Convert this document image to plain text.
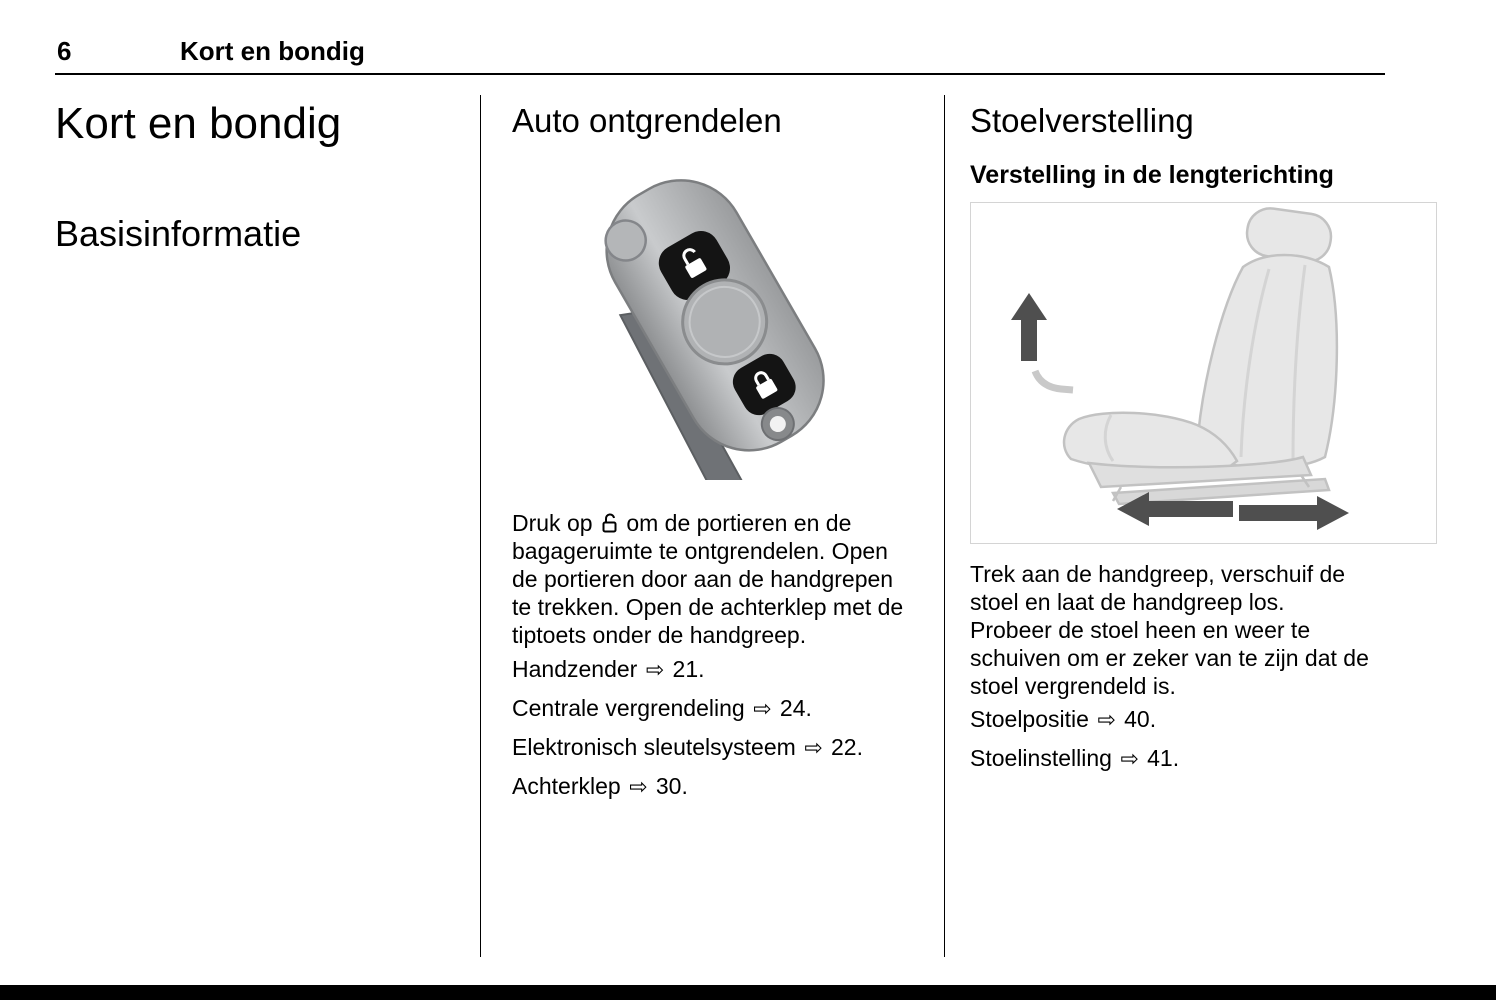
6	Kort en bondig
Kort en bondig
Basisinformatie
Auto ontgrendelen

Druk op om de portieren en de bagageruimte te ontgrendelen. Open de portieren door aan de handgrepen te trekken. Open de achterklep met de tiptoets onder de handgreep.

Handzender ⇨ 21.

Centrale vergrendeling ⇨ 24.

Elektronisch sleutelsysteem ⇨ 22.

Achterklep ⇨ 30.

Stoelverstelling
Verstelling in de lengterichting

Trek aan de handgreep, verschuif de stoel en laat de handgreep los. Probeer de stoel heen en weer te schuiven om er zeker van te zijn dat de stoel vergrendeld is.

Stoelpositie ⇨ 40.

Stoelinstelling ⇨ 41.
